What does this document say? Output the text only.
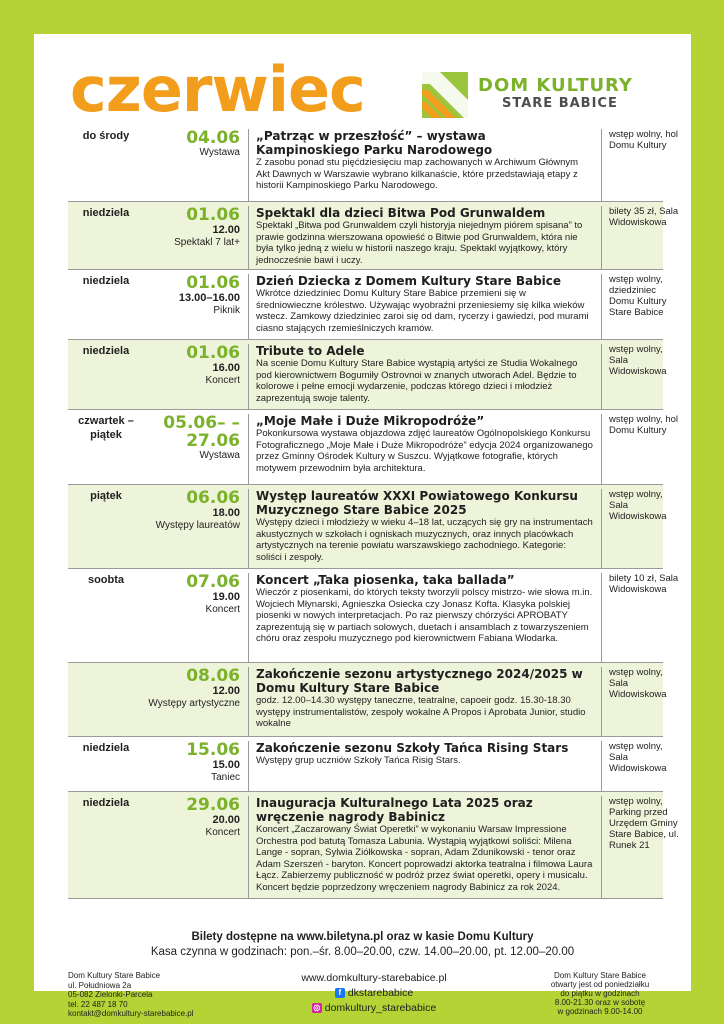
czerwiec	DOM KULTURY
STARE BABICE
do środy	04.06
Wystawa
„Patrząc w przeszłość” – wystawa Kampinoskiego Parku Narodowego
Z zasobu ponad stu pięćdziesięciu map zachowanych w Archiwum Głównym Akt Dawnych w Warszawie wybrano kilkanaście, które przedstawiają etapy z historii Kampinoskiego Parku Narodowego.
wstęp wolny, hol Domu Kultury
niedziela	01.06
12.00
Spektakl 7 lat+
Spektakl dla dzieci Bitwa Pod Grunwaldem
Spektakl „Bitwa pod Grunwaldem czyli historyja niejednym piórem spisana” to prawie godzinna wierszowana opowieść o Bitwie pod Grunwaldem, która nie była tylko jedną z wielu w historii naszego kraju. Spektakl wyjątkowy, który jednocześnie bawi i uczy.
bilety 35 zł, Sala Widowiskowa
niedziela	01.06
13.00–16.00
Piknik
Dzień Dziecka z Domem Kultury Stare Babice
Wkrótce dziedziniec Domu Kultury Stare Babice przemieni się w średniowieczne królestwo. Używając wyobraźni przeniesiemy się kilka wieków wstecz. Zamkowy dziedziniec zaroi się od dam, rycerzy i gawiedzi, pod murami ciasno stających rzemieślniczych kramów.
wstęp wolny, dziedziniec Domu Kultury Stare Babice
niedziela	01.06
16.00
Koncert
Tribute to Adele
Na scenie Domu Kultury Stare Babice wystąpią artyści ze Studia Wokalnego pod kierownictwem Bogumiły Ostrovnoi w znanych utworach Adel. Będzie to kolorowe i pełne emocji wydarzenie, podczas którego dzieci i młodzież zaprezentują swoje talenty.
wstęp wolny, Sala Widowiskowa
czwartek –piątek
05.06– –27.06
Wystawa
„Moje Małe i Duże Mikropodróże”
Pokonkursowa wystawa objazdowa zdjęć laureatów Ogólnopolskiego Konkursu Fotograficznego „Moje Małe i Duże Mikropodróże” edycja 2024 organizowanego przez Gminny Ośrodek Kultury w Suszcu. Wyjątkowe fotografie, których motywem przewodnim była architektura.
wstęp wolny, hol Domu Kultury
piątek	06.06
18.00
Występy laureatów
Występ laureatów XXXI Powiatowego Konkursu Muzycznego Stare Babice 2025
Występy dzieci i młodzieży w wieku 4–18 lat, uczących się gry na instrumentach akustycznych w szkołach i ogniskach muzycznych, oraz innych placówkach artystycznych na terenie powiatu warszawskiego zachodniego. Kategorie: soliści i zespoły.
wstęp wolny, Sala Widowiskowa
soobta	07.06
19.00
Koncert
Koncert „Taka piosenka, taka ballada”
Wieczór z piosenkami, do których teksty tworzyli polscy mistrzo- wie słowa m.in. Wojciech Młynarski, Agnieszka Osiecka czy Jonasz Kofta. Klasyka polskiej piosenki w nowych interpretacjach. Po raz pierwszy chórzyści APROBATY zaprezentują się w partiach solowych, duetach i ansamblach z towarzyszeniem chóru oraz zespołu muzycznego pod kierownictwem Fabiana Włodarka.
bilety 10 zł, Sala Widowiskowa
08.06
12.00
Występy artystyczne
Zakończenie sezonu artystycznego 2024/2025 w Domu Kultury Stare Babice
godz. 12.00–14.30 występy taneczne, teatralne, capoeir godz. 15.30-18.30 występy instrumentalistów, zespoły wokalne A Propos i Aprobata Junior, studio wokalne
wstęp wolny, Sala Widowiskowa
niedziela	15.06
15.00
Taniec
Zakończenie sezonu Szkoły Tańca Rising Stars
Występy grup uczniów Szkoły Tańca Risig Stars.
wstęp wolny, Sala Widowiskowa
niedziela	29.06
20.00
Koncert
Inauguracja Kulturalnego Lata 2025 oraz wręczenie nagrody Babinicz
Koncert „Zaczarowany Świat Operetki” w wykonaniu Warsaw Impressione Orchestra pod batutą Tomasza Labunia. Wystąpią wyjątkowi soliści: Milena Lange - sopran, Sylwia Ziółkowska - sopran, Adam Zdunikowski - tenor oraz Adam Szerszeń - baryton. Koncert poprowadzi aktorka teatralna i filmowa Laura Łącz. Zabierzemy publiczność w podróż przez świat operetki, opery i musicalu. Koncert będzie poprzedzony wręczeniem nagrody Babinicz za rok 2024.
wstęp wolny, Parking przed Urzędem Gminy Stare Babice, ul. Runek 21
Bilety dostępne na www.biletyna.pl oraz w kasie Domu Kultury
Kasa czynna w godzinach: pon.–śr. 8.00–20.00, czw. 14.00–20.00, pt. 12.00–20.00
Dom Kultury Stare Babice
ul. Południowa 2a
05-082 Zielonki-Parcela
tel. 22 487 18 70
kontakt@domkultury-starebabice.pl
www.domkultury-starebabice.pl
f dkstarebabice
◎ domkultury_starebabice
Dom Kultury Stare Babice
otwarty jest od poniedziałku
do piątku w godzinach
8.00-21.30 oraz w sobotę
w godzinach 9.00-14.00
